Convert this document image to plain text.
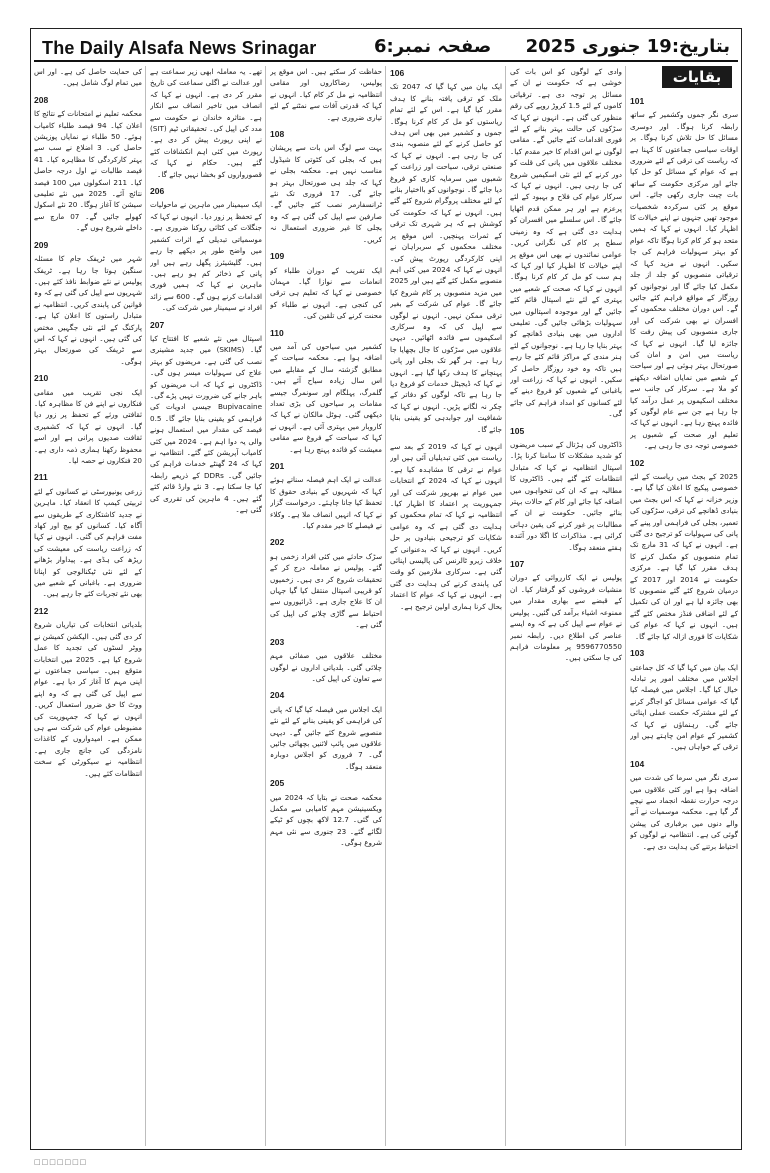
The Daily Alsafa News Srinagar	صفحہ نمبر:6 بتاریخ:19 جنوری 2025
101
سری نگر جموں وکشمیر کے ساتھ رابطہ کرنا ہوگا۔ اور دوسری مسائل کا حل تلاش کرنا ہوگا۔ پر اوقات سیاسی جماعتوں کا کہنا ہے کہ ریاست کی ترقی کے لئے ضروری ہے کہ عوام کے مسائل کو حل کیا جائے اور مرکزی حکومت کے ساتھ بات چیت جاری رکھی جائے۔ اس موقع پر کئی سرکردہ شخصیات موجود تھیں جنہوں نے اپنے خیالات کا اظہار کیا۔ انہوں نے کہا کہ ہمیں متحد ہو کر کام کرنا ہوگا تاکہ عوام کو بہتر سہولیات فراہم کی جا سکیں۔ انہوں نے مزید کہا کہ ترقیاتی منصوبوں کو جلد از جلد مکمل کیا جائے گا اور نوجوانوں کو روزگار کے مواقع فراہم کئے جائیں گے۔ اس دوران مختلف محکموں کے افسران نے بھی شرکت کی اور جاری منصوبوں کی پیش رفت کا جائزہ لیا گیا۔ انہوں نے کہا کہ ریاست میں امن و امان کی صورتحال بہتر ہوئی ہے اور سیاحت کے شعبے میں نمایاں اضافہ دیکھنے کو ملا ہے۔ سرکار کی جانب سے مختلف اسکیموں پر عمل درآمد کیا جا رہا ہے جن سے عام لوگوں کو فائدہ پہنچ رہا ہے۔ انہوں نے کہا کہ تعلیم اور صحت کے شعبوں پر خصوصی توجہ دی جا رہی ہے۔
102
2025 کے بجٹ میں ریاست کے لئے خصوصی پیکیج کا اعلان کیا گیا ہے۔ وزیر خزانہ نے کہا کہ اس بجٹ میں بنیادی ڈھانچے کی ترقی، سڑکوں کی تعمیر، بجلی کی فراہمی اور پینے کے پانی کی سہولیات کو ترجیح دی گئی ہے۔ انہوں نے کہا کہ 31 مارچ تک تمام منصوبوں کو مکمل کرنے کا ہدف مقرر کیا گیا ہے۔ مرکزی حکومت نے 2014 اور 2017 کے درمیان شروع کئے گئے منصوبوں کا بھی جائزہ لیا ہے اور ان کی تکمیل کے لئے اضافی فنڈز مختص کئے گئے ہیں۔ انہوں نے کہا کہ عوام کی شکایات کا فوری ازالہ کیا جائے گا۔
103
ایک بیان میں کہا گیا کہ کل جماعتی اجلاس میں مختلف امور پر تبادلہ خیال کیا گیا۔ اجلاس میں فیصلہ کیا گیا کہ عوامی مسائل کو اجاگر کرنے کے لئے مشترکہ حکمت عملی اپنائی جائے گی۔ رہنماؤں نے کہا کہ کشمیر کے عوام امن چاہتے ہیں اور ترقی کے خواہاں ہیں۔
104
سری نگر میں سرما کی شدت میں اضافہ ہوا ہے اور کئی علاقوں میں درجہ حرارت نقطہ انجماد سے نیچے گر گیا ہے۔ محکمہ موسمیات نے آنے والے دنوں میں برفباری کی پیشن گوئی کی ہے۔ انتظامیہ نے لوگوں کو احتیاط برتنے کی ہدایت دی ہے۔
وادی کے لوگوں کو اس بات کی خوشی ہے کہ حکومت نے ان کے مسائل پر توجہ دی ہے۔ ترقیاتی کاموں کے لئے 1.5 کروڑ روپے کی رقم منظور کی گئی ہے۔ انہوں نے کہا کہ سڑکوں کی حالت بہتر بنانے کے لئے فوری اقدامات کئے جائیں گے۔ مقامی لوگوں نے اس اقدام کا خیر مقدم کیا۔ مختلف علاقوں میں پانی کی قلت کو دور کرنے کے لئے نئی اسکیمیں شروع کی جا رہی ہیں۔ انہوں نے کہا کہ سرکار عوام کی فلاح و بہبود کے لئے پرعزم ہے اور ہر ممکن قدم اٹھایا جائے گا۔ اس سلسلے میں افسران کو ہدایت دی گئی ہے کہ وہ زمینی سطح پر کام کی نگرانی کریں۔ عوامی نمائندوں نے بھی اس موقع پر اپنے خیالات کا اظہار کیا اور کہا کہ ہم سب کو مل کر کام کرنا ہوگا۔ انہوں نے کہا کہ صحت کے شعبے میں بہتری کے لئے نئے اسپتال قائم کئے جائیں گے اور موجودہ اسپتالوں میں سہولیات بڑھائی جائیں گی۔ تعلیمی اداروں میں بھی بنیادی ڈھانچے کو بہتر بنایا جا رہا ہے۔ نوجوانوں کے لئے ہنر مندی کے مراکز قائم کئے جا رہے ہیں تاکہ وہ خود روزگار حاصل کر سکیں۔ انہوں نے کہا کہ زراعت اور باغبانی کے شعبوں کو فروغ دینے کے لئے کسانوں کو امداد فراہم کی جائے گی۔
105
ڈاکٹروں کی ہڑتال کے سبب مریضوں کو شدید مشکلات کا سامنا کرنا پڑا۔ اسپتال انتظامیہ نے کہا کہ متبادل انتظامات کئے گئے ہیں۔ ڈاکٹروں کا مطالبہ ہے کہ ان کی تنخواہوں میں اضافہ کیا جائے اور کام کے حالات بہتر بنائے جائیں۔ حکومت نے ان کے مطالبات پر غور کرنے کی یقین دہانی کرائی ہے۔ مذاکرات کا اگلا دور آئندہ ہفتے منعقد ہوگا۔
107
پولیس نے ایک کارروائی کے دوران منشیات فروشوں کو گرفتار کیا۔ ان کے قبضے سے بھاری مقدار میں ممنوعہ اشیاء برآمد کی گئیں۔ پولیس نے عوام سے اپیل کی ہے کہ وہ ایسے عناصر کی اطلاع دیں۔ رابطہ نمبر 9596770550 پر معلومات فراہم کی جا سکتی ہیں۔
106
ایک بیان میں کہا گیا کہ 2047 تک ملک کو ترقی یافتہ بنانے کا ہدف مقرر کیا گیا ہے۔ اس کے لئے تمام ریاستوں کو مل کر کام کرنا ہوگا۔ جموں و کشمیر میں بھی اس ہدف کو حاصل کرنے کے لئے منصوبہ بندی کی جا رہی ہے۔ انہوں نے کہا کہ صنعتی ترقی، سیاحت اور زراعت کے شعبوں میں سرمایہ کاری کو فروغ دیا جائے گا۔ نوجوانوں کو بااختیار بنانے کے لئے مختلف پروگرام شروع کئے گئے ہیں۔ انہوں نے کہا کہ حکومت کی کوشش ہے کہ ہر شہری تک ترقی کے ثمرات پہنچیں۔ اس موقع پر مختلف محکموں کے سربراہان نے اپنی کارکردگی رپورٹ پیش کی۔ انہوں نے کہا کہ 2024 میں کئی اہم منصوبے مکمل کئے گئے ہیں اور 2025 میں مزید منصوبوں پر کام شروع کیا جائے گا۔ عوام کی شرکت کے بغیر ترقی ممکن نہیں۔ انہوں نے لوگوں سے اپیل کی کہ وہ سرکاری اسکیموں سے فائدہ اٹھائیں۔ دیہی علاقوں میں سڑکوں کا جال بچھایا جا رہا ہے۔ ہر گھر تک بجلی اور پانی پہنچانے کا ہدف رکھا گیا ہے۔ انہوں نے کہا کہ ڈیجیٹل خدمات کو فروغ دیا جا رہا ہے تاکہ لوگوں کو دفاتر کے چکر نہ لگانے پڑیں۔ انہوں نے کہا کہ شفافیت اور جوابدہی کو یقینی بنایا جائے گا۔
انہوں نے کہا کہ 2019 کے بعد سے ریاست میں کئی تبدیلیاں آئی ہیں اور عوام نے ترقی کا مشاہدہ کیا ہے۔ انہوں نے کہا کہ 2024 کے انتخابات میں عوام نے بھرپور شرکت کی اور جمہوریت پر اعتماد کا اظہار کیا۔ انتظامیہ نے کہا کہ تمام محکموں کو ہدایت دی گئی ہے کہ وہ عوامی شکایات کو ترجیحی بنیادوں پر حل کریں۔ انہوں نے کہا کہ بدعنوانی کے خلاف زیرو ٹالرنس کی پالیسی اپنائی گئی ہے۔ سرکاری ملازمین کو وقت کی پابندی کرنے کی ہدایت دی گئی ہے۔ انہوں نے کہا کہ عوام کا اعتماد بحال کرنا ہماری اولین ترجیح ہے۔
حفاظت کر سکتے ہیں۔ اس موقع پر پولیس، رضاکاروں اور مقامی انتظامیہ نے مل کر کام کیا۔ انہوں نے کہا کہ قدرتی آفات سے نمٹنے کے لئے تیاری ضروری ہے۔
108
بہت سے لوگ اس بات سے پریشان ہیں کہ بجلی کی کٹوتی کا شیڈول مناسب نہیں ہے۔ محکمہ بجلی نے کہا کہ جلد ہی صورتحال بہتر ہو جائے گی۔ 17 فروری تک نئے ٹرانسفارمر نصب کئے جائیں گے۔ صارفین سے اپیل کی گئی ہے کہ وہ بجلی کا غیر ضروری استعمال نہ کریں۔
109
ایک تقریب کے دوران طلباء کو انعامات سے نوازا گیا۔ مہمان خصوصی نے کہا کہ تعلیم ہی ترقی کی کنجی ہے۔ انہوں نے طلباء کو محنت کرنے کی تلقین کی۔
110
کشمیر میں سیاحوں کی آمد میں اضافہ ہوا ہے۔ محکمہ سیاحت کے مطابق گزشتہ سال کے مقابلے میں اس سال زیادہ سیاح آئے ہیں۔ گلمرگ، پہلگام اور سونمرگ جیسے مقامات پر سیاحوں کی بڑی تعداد دیکھی گئی۔ ہوٹل مالکان نے کہا کہ کاروبار میں بہتری آئی ہے۔ انہوں نے کہا کہ سیاحت کے فروغ سے مقامی معیشت کو فائدہ پہنچ رہا ہے۔
201
عدالت نے ایک اہم فیصلہ سناتے ہوئے کہا کہ شہریوں کے بنیادی حقوق کا تحفظ کیا جانا چاہئے۔ درخواست گزار نے کہا کہ انہیں انصاف ملا ہے۔ وکلاء نے فیصلے کا خیر مقدم کیا۔
202
سڑک حادثے میں کئی افراد زخمی ہو گئے۔ پولیس نے معاملہ درج کر کے تحقیقات شروع کر دی ہیں۔ زخمیوں کو قریبی اسپتال منتقل کیا گیا جہاں ان کا علاج جاری ہے۔ ڈرائیوروں سے احتیاط سے گاڑی چلانے کی اپیل کی گئی ہے۔
203
مختلف علاقوں میں صفائی مہم چلائی گئی۔ بلدیاتی اداروں نے لوگوں سے تعاون کی اپیل کی۔
204
ایک اجلاس میں فیصلہ کیا گیا کہ پانی کی فراہمی کو یقینی بنانے کے لئے نئے منصوبے شروع کئے جائیں گے۔ دیہی علاقوں میں پائپ لائنیں بچھائی جائیں گی۔ 7 فروری کو اجلاس دوبارہ منعقد ہوگا۔
205
محکمہ صحت نے بتایا کہ 2024 میں ویکسینیشن مہم کامیابی سے مکمل کی گئی۔ 12.7 لاکھ بچوں کو ٹیکے لگائے گئے۔ 23 جنوری سے نئی مہم شروع ہوگی۔
تھے۔ یہ معاملہ ابھی زیر سماعت ہے اور عدالت نے اگلی سماعت کی تاریخ مقرر کر دی ہے۔ انہوں نے کہا کہ انصاف میں تاخیر انصاف سے انکار ہے۔ متاثرہ خاندان نے حکومت سے مدد کی اپیل کی۔ تحقیقاتی ٹیم (SIT) نے اپنی رپورٹ پیش کر دی ہے۔ رپورٹ میں کئی اہم انکشافات کئے گئے ہیں۔ حکام نے کہا کہ قصورواروں کو بخشا نہیں جائے گا۔
206
ایک سیمینار میں ماہرین نے ماحولیات کے تحفظ پر زور دیا۔ انہوں نے کہا کہ جنگلات کی کٹائی روکنا ضروری ہے۔ موسمیاتی تبدیلی کے اثرات کشمیر میں واضح طور پر دیکھے جا رہے ہیں۔ گلیشیئرز پگھل رہے ہیں اور پانی کے ذخائر کم ہو رہے ہیں۔ ماہرین نے کہا کہ ہمیں فوری اقدامات کرنے ہوں گے۔ 600 سے زائد افراد نے سیمینار میں شرکت کی۔
207
اسپتال میں نئے شعبے کا افتتاح کیا گیا۔ (SKIMS) میں جدید مشینری نصب کی گئی ہے۔ مریضوں کو بہتر علاج کی سہولیات میسر ہوں گی۔ ڈاکٹروں نے کہا کہ اب مریضوں کو باہر جانے کی ضرورت نہیں پڑے گی۔ Bupivacaine جیسی ادویات کی فراہمی کو یقینی بنایا جائے گا۔ 0.5 فیصد کی مقدار میں استعمال ہونے والی یہ دوا اہم ہے۔ 2024 میں کئی کامیاب آپریشن کئے گئے۔ انتظامیہ نے کہا کہ 24 گھنٹے خدمات فراہم کی جائیں گی۔ DDRs کے ذریعے رابطہ کیا جا سکتا ہے۔ 3 نئے وارڈ قائم کئے گئے ہیں۔ 4 ماہرین کی تقرری کی گئی ہے۔
کی حمایت حاصل کی ہے۔ اور اس میں تمام لوگ شامل ہیں۔
208
محکمہ تعلیم نے امتحانات کے نتائج کا اعلان کیا۔ 94 فیصد طلباء کامیاب ہوئے۔ 50 طلباء نے نمایاں پوزیشن حاصل کی۔ 3 اضلاع نے سب سے بہتر کارکردگی کا مظاہرہ کیا۔ 41 فیصد طالبات نے اول درجہ حاصل کیا۔ 211 اسکولوں میں 100 فیصد نتائج آئے۔ 2025 میں نئے تعلیمی سیشن کا آغاز ہوگا۔ 20 نئے اسکول کھولے جائیں گے۔ 07 مارچ سے داخلے شروع ہوں گے۔
209
شہر میں ٹریفک جام کا مسئلہ سنگین ہوتا جا رہا ہے۔ ٹریفک پولیس نے نئے ضوابط نافذ کئے ہیں۔ شہریوں سے اپیل کی گئی ہے کہ وہ قوانین کی پابندی کریں۔ انتظامیہ نے متبادل راستوں کا اعلان کیا ہے۔ پارکنگ کے لئے نئی جگہیں مختص کی گئی ہیں۔ انہوں نے کہا کہ اس سے ٹریفک کی صورتحال بہتر ہوگی۔
210
ایک نجی تقریب میں مقامی فنکاروں نے اپنے فن کا مظاہرہ کیا۔ ثقافتی ورثے کے تحفظ پر زور دیا گیا۔ انہوں نے کہا کہ کشمیری ثقافت صدیوں پرانی ہے اور اسے محفوظ رکھنا ہماری ذمہ داری ہے۔ 20 فنکاروں نے حصہ لیا۔
211
زرعی یونیورسٹی نے کسانوں کے لئے تربیتی کیمپ کا انعقاد کیا۔ ماہرین نے جدید کاشتکاری کے طریقوں سے آگاہ کیا۔ کسانوں کو بیج اور کھاد مفت فراہم کی گئی۔ انہوں نے کہا کہ زراعت ریاست کی معیشت کی ریڑھ کی ہڈی ہے۔ پیداوار بڑھانے کے لئے نئی ٹیکنالوجی کو اپنانا ضروری ہے۔ باغبانی کے شعبے میں بھی نئے تجربات کئے جا رہے ہیں۔
212
بلدیاتی انتخابات کی تیاریاں شروع کر دی گئی ہیں۔ الیکشن کمیشن نے ووٹر لسٹوں کی تجدید کا عمل شروع کیا ہے۔ 2025 میں انتخابات متوقع ہیں۔ سیاسی جماعتوں نے اپنی مہم کا آغاز کر دیا ہے۔ عوام سے اپیل کی گئی ہے کہ وہ اپنے ووٹ کا حق ضرور استعمال کریں۔ انہوں نے کہا کہ جمہوریت کی مضبوطی عوام کی شرکت سے ہی ممکن ہے۔ امیدواروں کے کاغذات نامزدگی کی جانچ جاری ہے۔ انتظامیہ نے سیکورٹی کے سخت انتظامات کئے ہیں۔
بقایات
□□□□□□□
